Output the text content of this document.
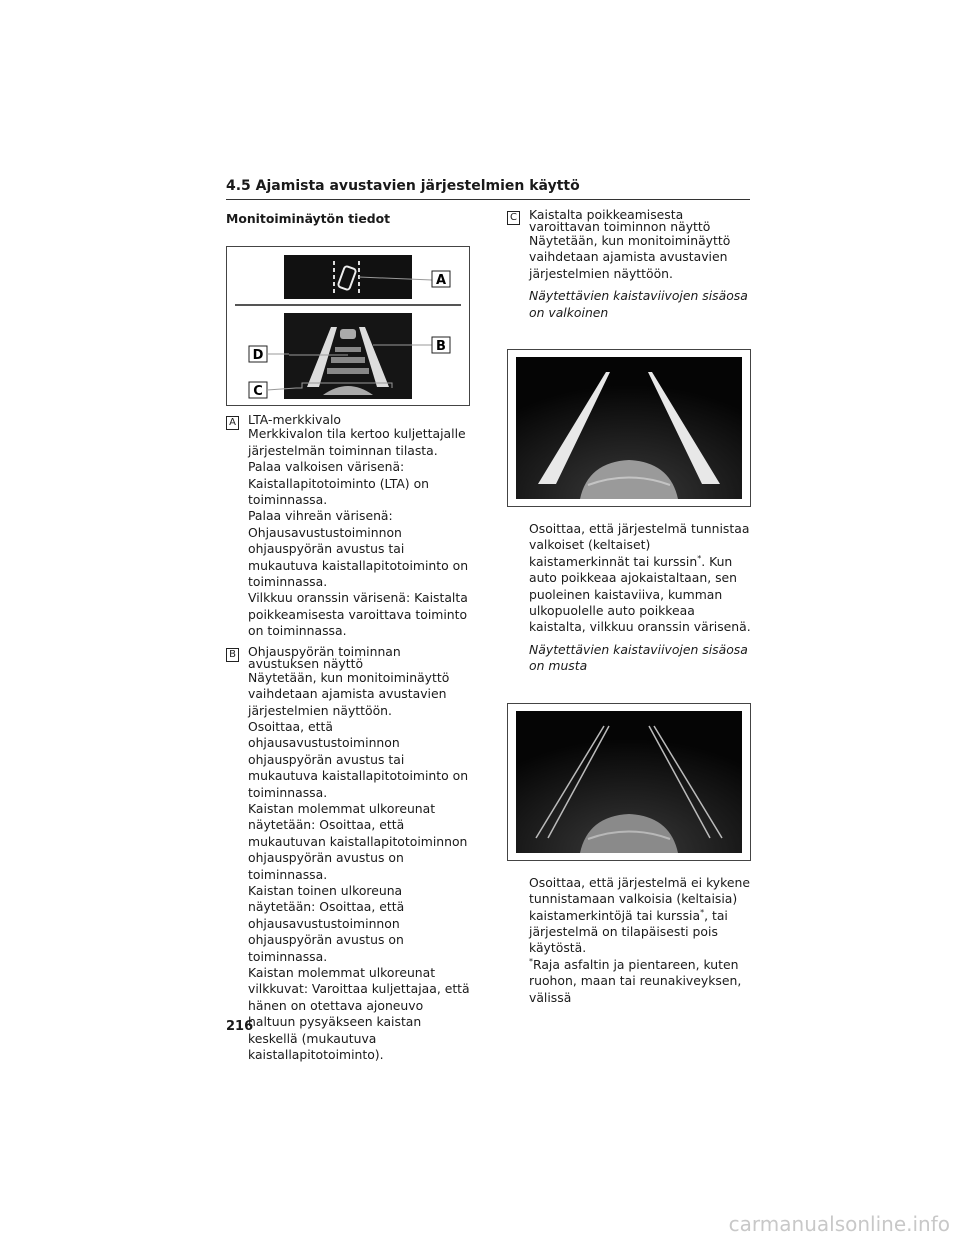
4.5 Ajamista avustavien järjestelmien käyttö
Monitoiminäytön tiedot
A
B
D
C
A LTA-merkkivalo

Merkkivalon tila kertoo kuljettajalle järjestelmän toiminnan tilasta.

Palaa valkoisen värisenä: Kaistallapitotoiminto (LTA) on toiminnassa.

Palaa vihreän värisenä: Ohjausavustustoiminnon ohjauspyörän avustus tai mukautuva kaistallapitotoiminto on toiminnassa.

Vilkkuu oranssin värisenä: Kaistalta poikkeamisesta varoittava toiminto on toiminnassa.

B Ohjauspyörän toiminnan avustuksen näyttö

Näytetään, kun monitoiminäyttö vaihdetaan ajamista avustavien järjestelmien näyttöön.

Osoittaa, että ohjausavustustoiminnon ohjauspyörän avustus tai mukautuva kaistallapitotoiminto on toiminnassa.

Kaistan molemmat ulkoreunat näytetään: Osoittaa, että mukautuvan kaistallapitotoiminnon ohjauspyörän avustus on toiminnassa.

Kaistan toinen ulkoreuna näytetään: Osoittaa, että ohjausavustustoiminnon ohjauspyörän avustus on toiminnassa.

Kaistan molemmat ulkoreunat vilkkuvat: Varoittaa kuljettajaa, että hänen on otettava ajoneuvo haltuun pysyäkseen kaistan keskellä (mukautuva kaistallapitotoiminto).

C Kaistalta poikkeamisesta varoittavan toiminnon näyttö

Näytetään, kun monitoiminäyttö vaihdetaan ajamista avustavien järjestelmien näyttöön.

Näytettävien kaistaviivojen sisäosa on valkoinen

Osoittaa, että järjestelmä tunnistaa valkoiset (keltaiset) kaistamerkinnät tai kurssin*. Kun auto poikkeaa ajokaistaltaan, sen puoleinen kaistaviiva, kumman ulkopuolelle auto poikkeaa kaistalta, vilkkuu oranssin värisenä.

Näytettävien kaistaviivojen sisäosa on musta

Osoittaa, että järjestelmä ei kykene tunnistamaan valkoisia (keltaisia) kaistamerkintöjä tai kurssia*, tai järjestelmä on tilapäisesti pois käytöstä.

*Raja asfaltin ja pientareen, kuten ruohon, maan tai reunakiveyksen, välissä

216
carmanualsonline.info
